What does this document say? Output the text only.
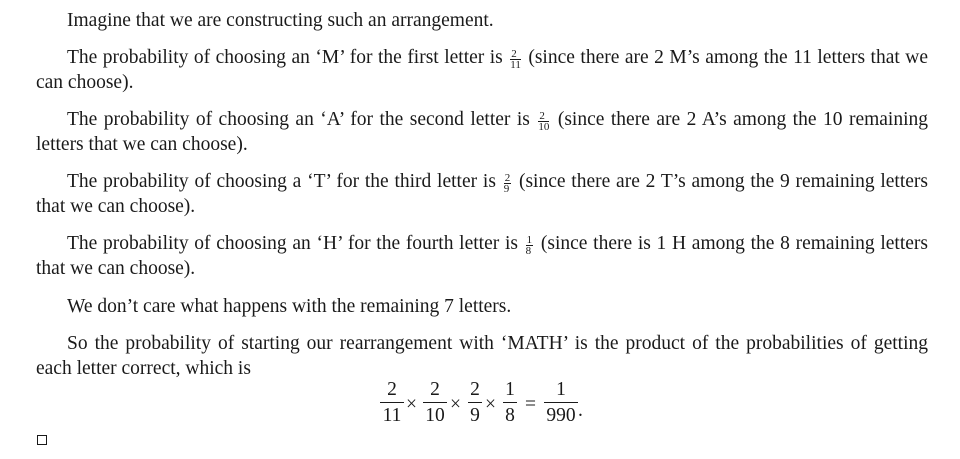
Imagine that we are constructing such an arrangement.
The probability of choosing an ‘M’ for the first letter is $\frac{2}{11}$ (since there are 2 M’s among the 11 letters that we can choose).
The probability of choosing an ‘A’ for the second letter is $\frac{2}{10}$ (since there are 2 A’s among the 10 remaining letters that we can choose).
The probability of choosing a ‘T’ for the third letter is $\frac{2}{9}$ (since there are 2 T’s among the 9 remaining letters that we can choose).
The probability of choosing an ‘H’ for the fourth letter is $\frac{1}{8}$ (since there is 1 H among the 8 remaining letters that we can choose).
We don’t care what happens with the remaining 7 letters.
So the probability of starting our rearrangement with ‘MATH’ is the product of the probabilities of getting each letter correct, which is
$\frac{2}{11} \times \frac{2}{10} \times \frac{2}{9} \times \frac{1}{8} = \frac{1}{990}$ .
